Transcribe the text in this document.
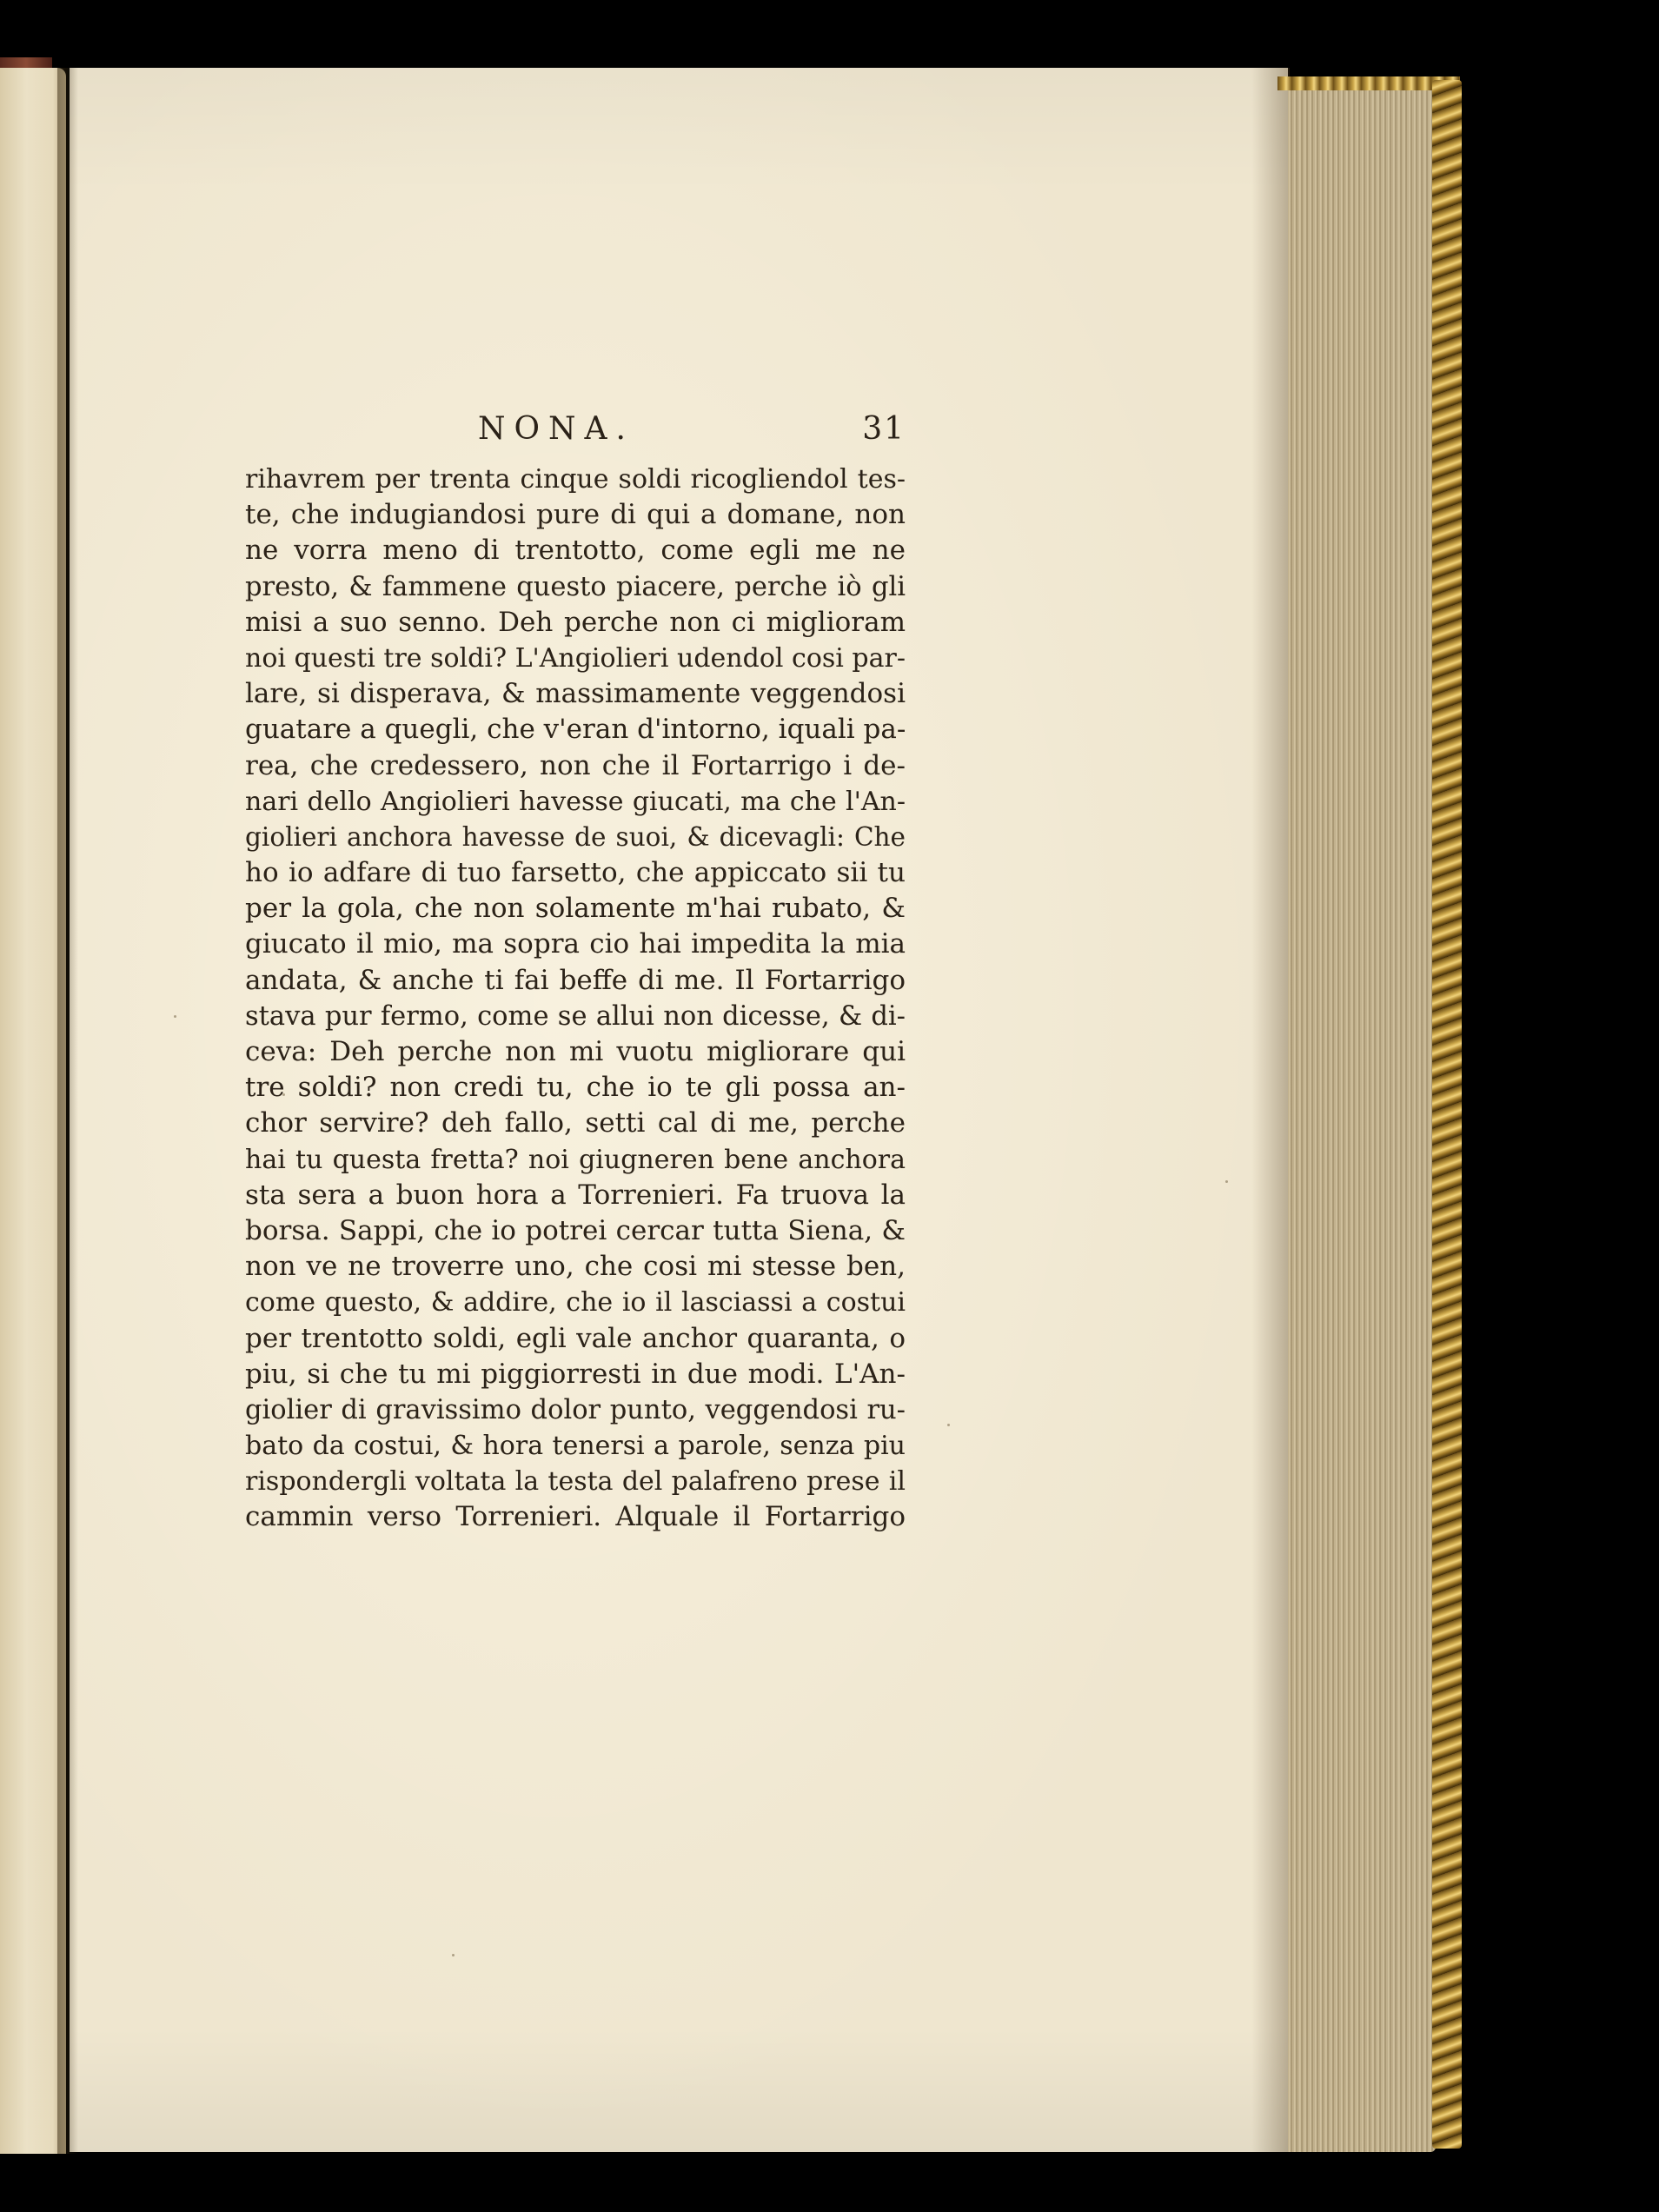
NONA.	31
rihavrem per trenta cinque soldi ricogliendol tes-
te, che indugiandosi pure di qui a domane, non
ne vorra meno di trentotto, come egli me ne
presto, & fammene questo piacere, perche iò gli
misi a suo senno. Deh perche non ci miglioram
noi questi tre soldi? L'Angiolieri udendol cosi par-
lare, si disperava, & massimamente veggendosi
guatare a quegli, che v'eran d'intorno, iquali pa-
rea, che credessero, non che il Fortarrigo i de-
nari dello Angiolieri havesse giucati, ma che l'An-
giolieri anchora havesse de suoi, & dicevagli: Che
ho io adfare di tuo farsetto, che appiccato sii tu
per la gola, che non solamente m'hai rubato, &
giucato il mio, ma sopra cio hai impedita la mia
andata, & anche ti fai beffe di me. Il Fortarrigo
stava pur fermo, come se allui non dicesse, & di-
ceva: Deh perche non mi vuotu migliorare qui
tre soldi? non credi tu, che io te gli possa an-
chor servire? deh fallo, setti cal di me, perche
hai tu questa fretta? noi giugneren bene anchora
sta sera a buon hora a Torrenieri. Fa truova la
borsa. Sappi, che io potrei cercar tutta Siena, &
non ve ne troverre uno, che cosi mi stesse ben,
come questo, & addire, che io il lasciassi a costui
per trentotto soldi, egli vale anchor quaranta, o
piu, si che tu mi piggiorresti in due modi. L'An-
giolier di gravissimo dolor punto, veggendosi ru-
bato da costui, & hora tenersi a parole, senza piu
rispondergli voltata la testa del palafreno prese il
cammin verso Torrenieri. Alquale il Fortarrigo
